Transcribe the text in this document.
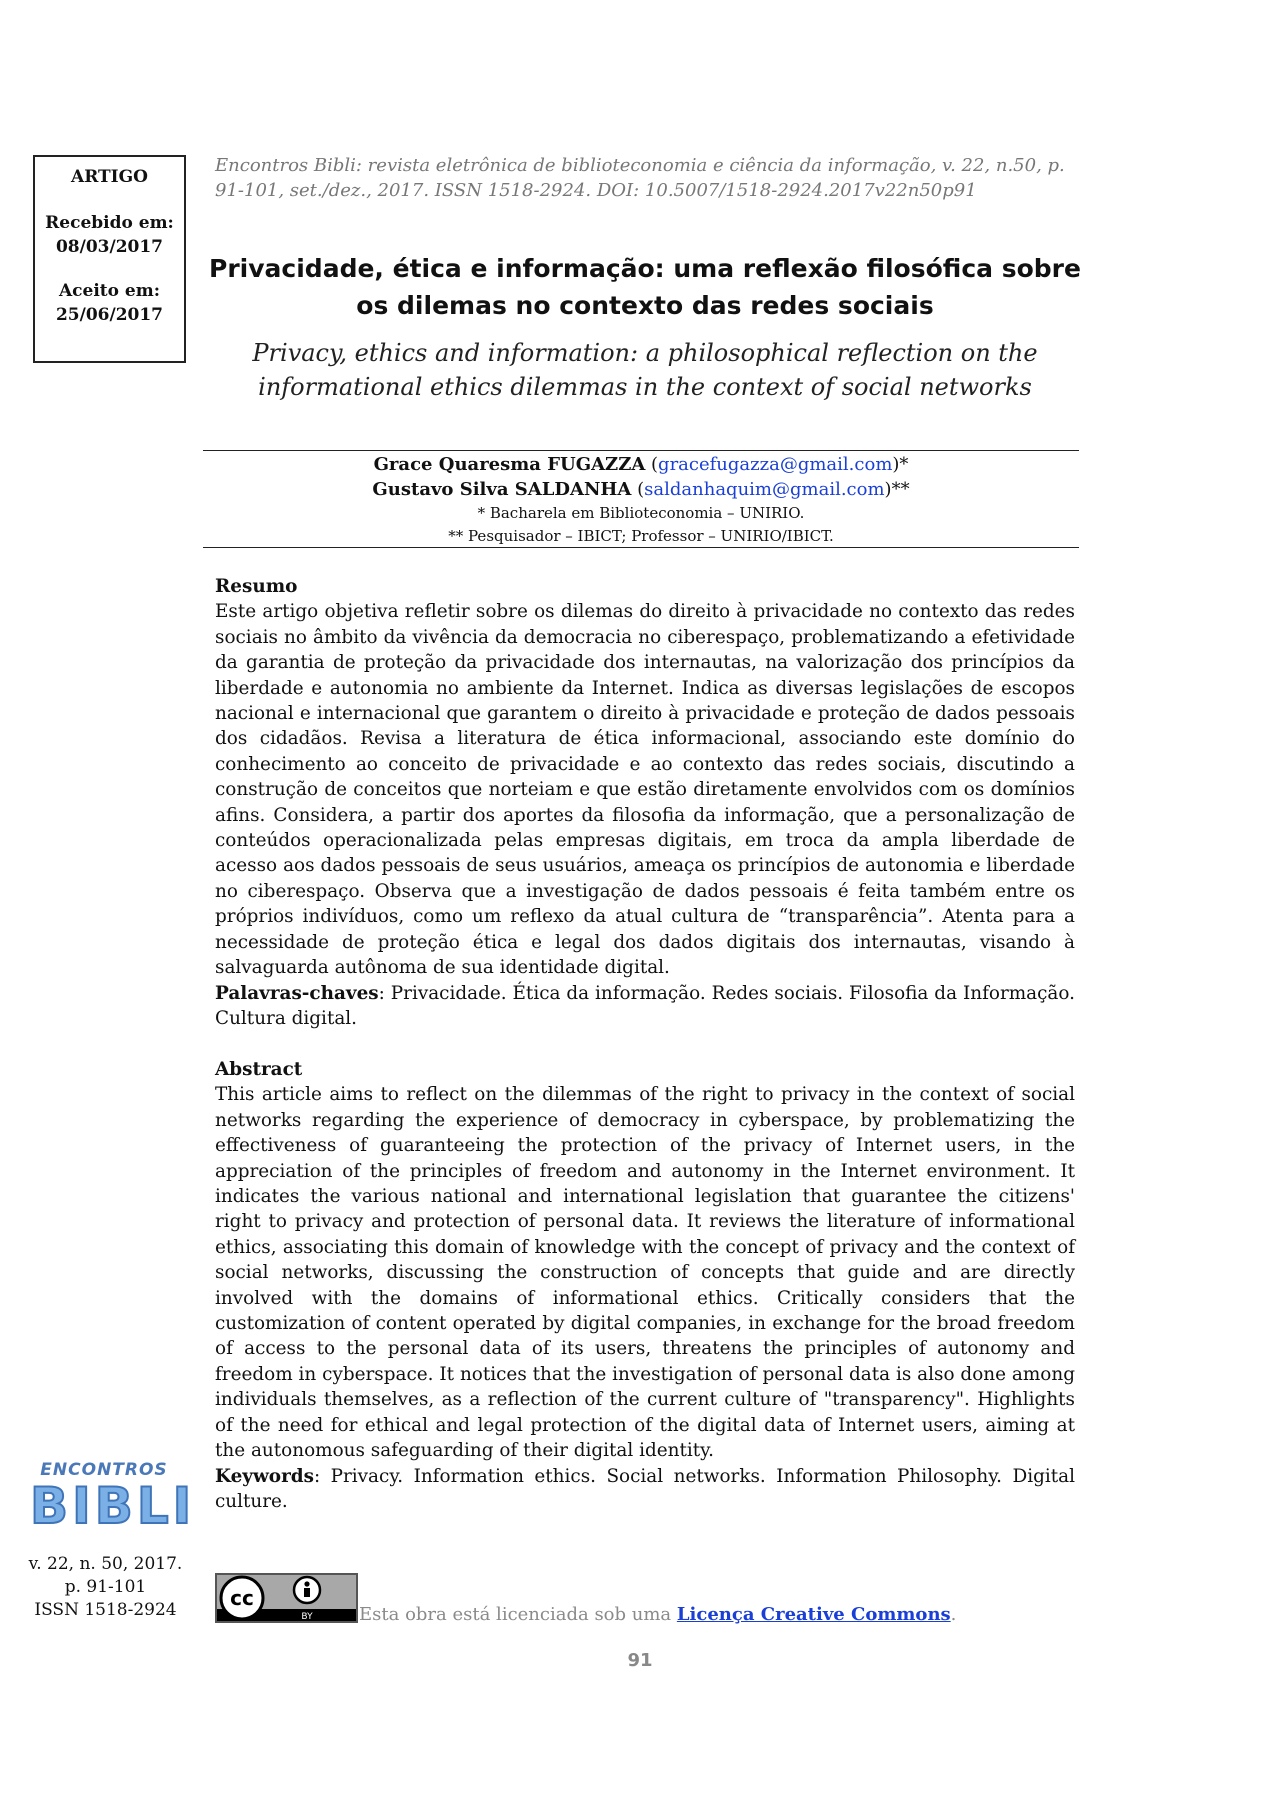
ARTIGO
Recebido em:
08/03/2017
Aceito em:
25/06/2017
Encontros Bibli: revista eletrônica de biblioteconomia e ciência da informação, v. 22, n.50, p. 91-101, set./dez., 2017. ISSN 1518-2924. DOI: 10.5007/1518-2924.2017v22n50p91
Privacidade, ética e informação: uma reflexão filosófica sobre os dilemas no contexto das redes sociais
Privacy, ethics and information: a philosophical reflection on the informational ethics dilemmas in the context of social networks
Grace Quaresma FUGAZZA (gracefugazza@gmail.com)*
Gustavo Silva SALDANHA (saldanhaquim@gmail.com)**
* Bacharela em Biblioteconomia – UNIRIO.
** Pesquisador – IBICT; Professor – UNIRIO/IBICT.
Resumo
Este artigo objetiva refletir sobre os dilemas do direito à privacidade no contexto das redes sociais no âmbito da vivência da democracia no ciberespaço, problematizando a efetividade da garantia de proteção da privacidade dos internautas, na valorização dos princípios da liberdade e autonomia no ambiente da Internet. Indica as diversas legislações de escopos nacional e internacional que garantem o direito à privacidade e proteção de dados pessoais dos cidadãos. Revisa a literatura de ética informacional, associando este domínio do conhecimento ao conceito de privacidade e ao contexto das redes sociais, discutindo a construção de conceitos que norteiam e que estão diretamente envolvidos com os domínios afins. Considera, a partir dos aportes da filosofia da informação, que a personalização de conteúdos operacionalizada pelas empresas digitais, em troca da ampla liberdade de acesso aos dados pessoais de seus usuários, ameaça os princípios de autonomia e liberdade no ciberespaço. Observa que a investigação de dados pessoais é feita também entre os próprios indivíduos, como um reflexo da atual cultura de “transparência”. Atenta para a necessidade de proteção ética e legal dos dados digitais dos internautas, visando à salvaguarda autônoma de sua identidade digital.
Palavras-chaves: Privacidade. Ética da informação. Redes sociais. Filosofia da Informação. Cultura digital.
Abstract
This article aims to reflect on the dilemmas of the right to privacy in the context of social networks regarding the experience of democracy in cyberspace, by problematizing the effectiveness of guaranteeing the protection of the privacy of Internet users, in the appreciation of the principles of freedom and autonomy in the Internet environment. It indicates the various national and international legislation that guarantee the citizens' right to privacy and protection of personal data. It reviews the literature of informational ethics, associating this domain of knowledge with the concept of privacy and the context of social networks, discussing the construction of concepts that guide and are directly involved with the domains of informational ethics. Critically considers that the customization of content operated by digital companies, in exchange for the broad freedom of access to the personal data of its users, threatens the principles of autonomy and freedom in cyberspace. It notices that the investigation of personal data is also done among individuals themselves, as a reflection of the current culture of "transparency". Highlights of the need for ethical and legal protection of the digital data of Internet users, aiming at the autonomous safeguarding of their digital identity.
Keywords: Privacy. Information ethics. Social networks. Information Philosophy. Digital culture.
ENCONTROS
BIBLI
v. 22, n. 50, 2017.
p. 91-101
ISSN 1518-2924	cc
BY	Esta obra está licenciada sob uma Licença Creative Commons.
91
